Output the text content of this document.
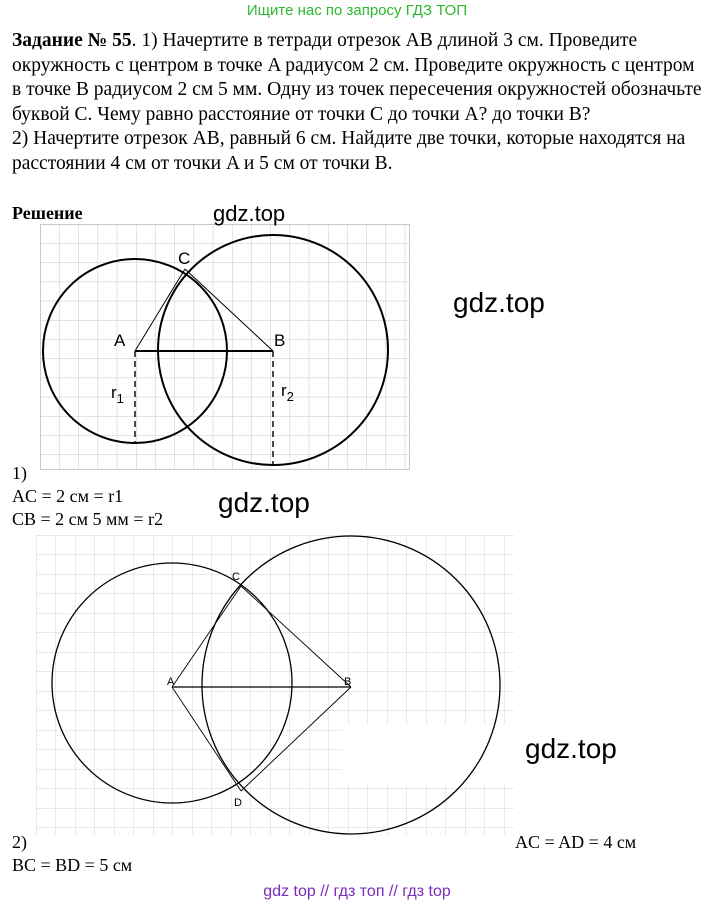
Ищите нас по запросу ГДЗ ТОП
Задание № 55. 1) Начертите в тетради отрезок AB длиной 3 см. Проведите окружность с центром в точке A радиусом 2 см. Проведите окружность с центром в точке B радиусом 2 см 5 мм. Одну из точек пересечения окружностей обозначьте буквой C. Чему равно расстояние от точки C до точки A? до точки B?
2) Начертите отрезок AB, равный 6 см. Найдите две точки, которые находятся на расстоянии 4 см от точки A и 5 см от точки B.
Решение
A	B
C
$r_1$	$r_2$
gdz.top
gdz.top
1)
AC = 2 см = r1
CB = 2 см 5 мм = r2
gdz.top
A	B
C
D
gdz.top
2)	AC = AD = 4 см
BC = BD = 5 см
gdz top // гдз топ // гдз top
